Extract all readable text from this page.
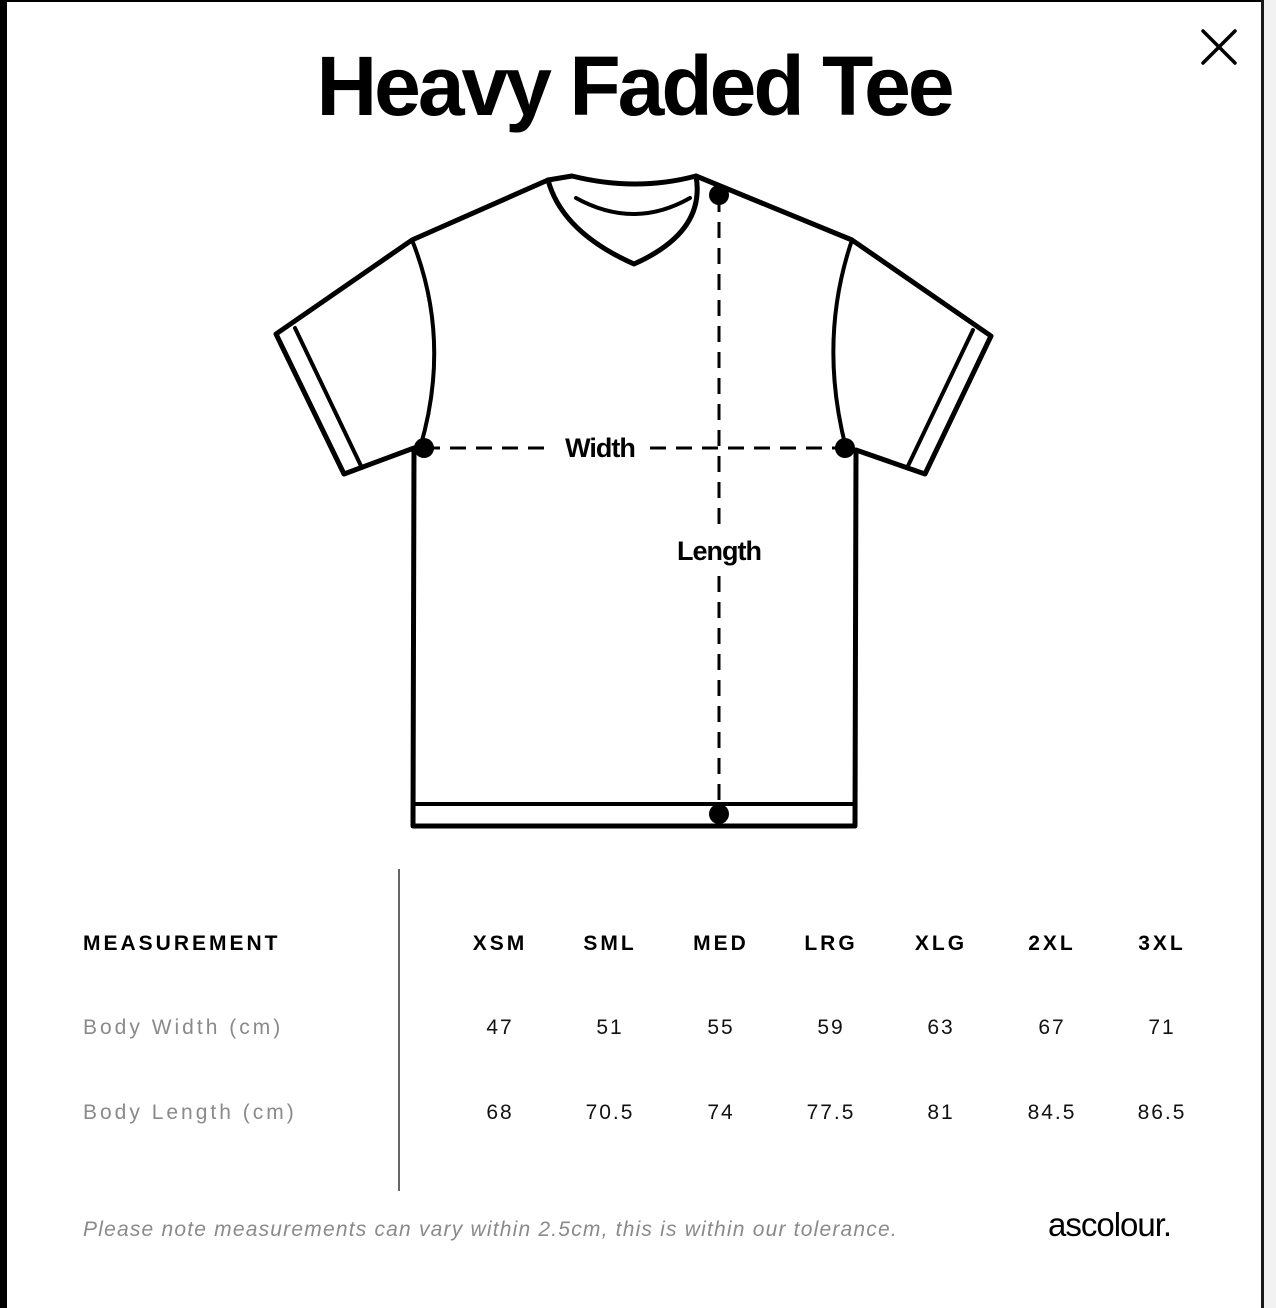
Heavy Faded Tee
Width
Length
MEASUREMENT	XSM	SML	MED	LRG	XLG	2XL	3XL
Body Width (cm)	47	51	55	59	63	67	71
Body Length (cm)	68	70.5	74	77.5	81	84.5	86.5
Please note measurements can vary within 2.5cm, this is within our tolerance.	ascolour.
